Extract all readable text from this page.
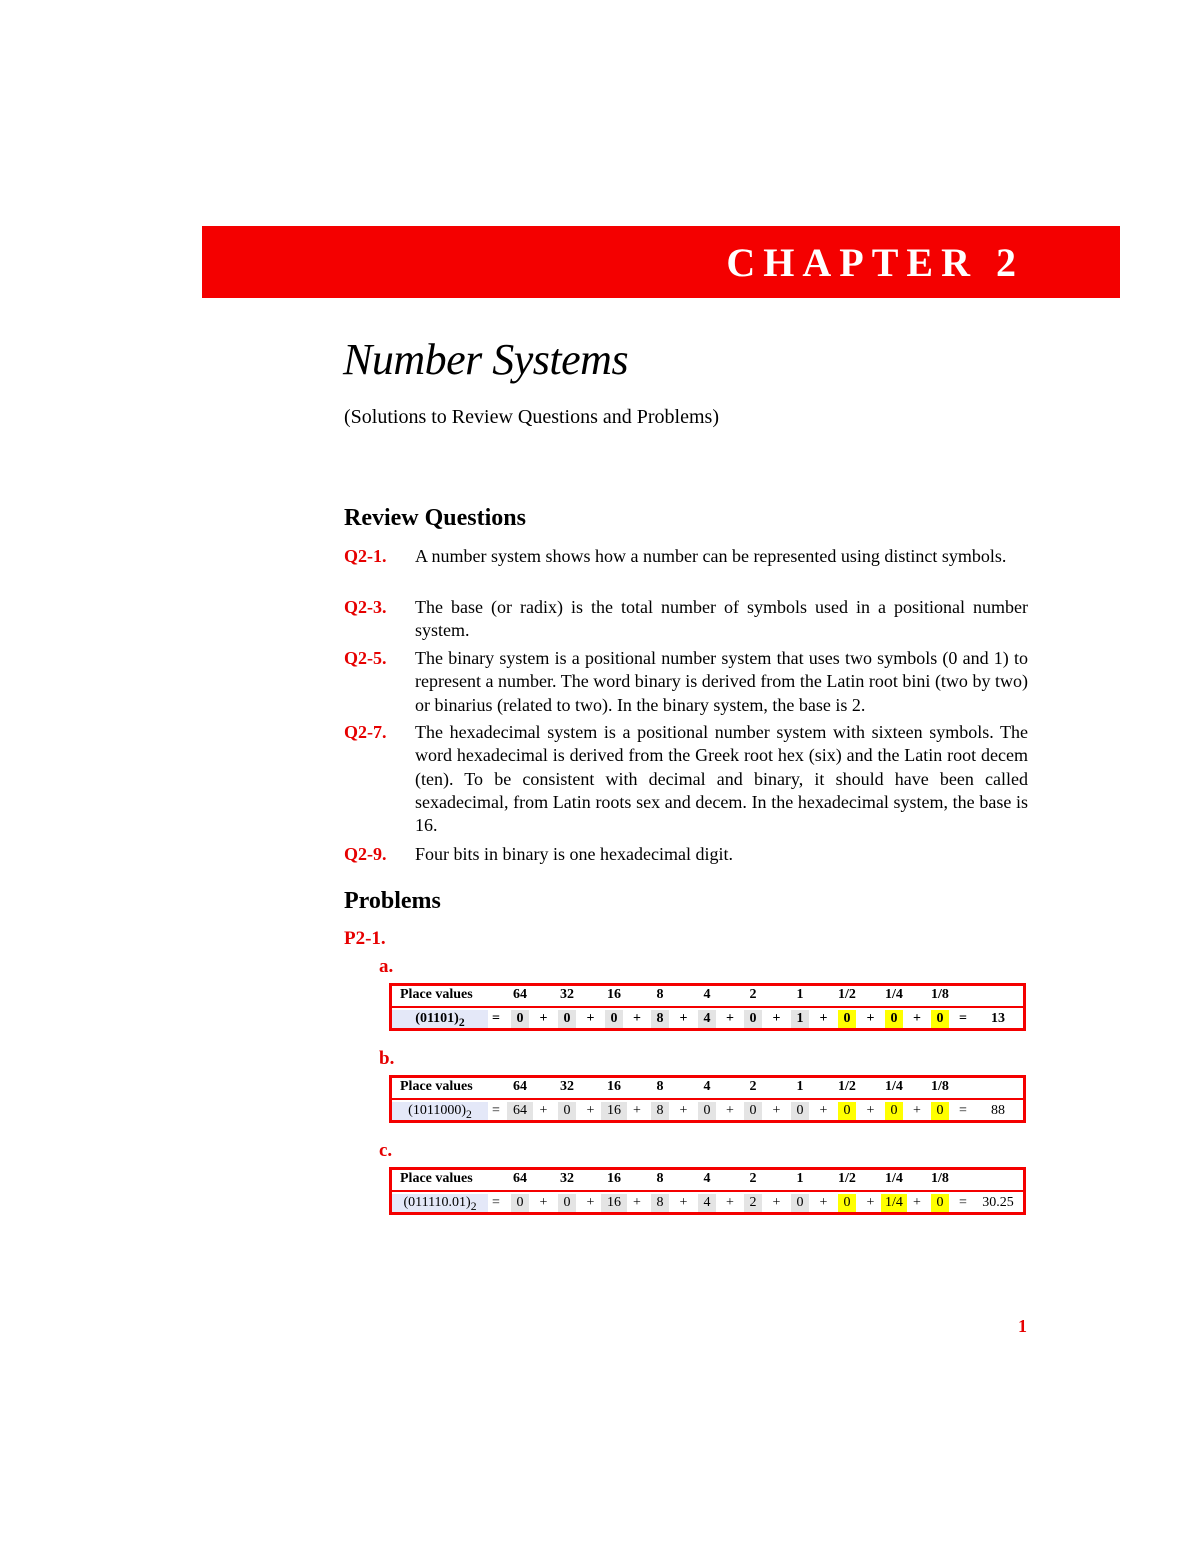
CHAPTER 2
Number Systems
(Solutions to Review Questions and Problems)
Review Questions
Q2-1. A number system shows how a number can be represented using distinct symbols.
Q2-3. The base (or radix) is the total number of symbols used in a positional number system.
Q2-5. The binary system is a positional number system that uses two symbols (0 and 1) to represent a number. The word binary is derived from the Latin root bini (two by two) or binarius (related to two). In the binary system, the base is 2.
Q2-7. The hexadecimal system is a positional number system with sixteen symbols. The word hexadecimal is derived from the Greek root hex (six) and the Latin root decem (ten). To be consistent with decimal and binary, it should have been called sexadecimal, from Latin roots sex and decem. In the hexadecimal system, the base is 16.
Q2-9. Four bits in binary is one hexadecimal digit.
Problems
P2-1.
a.
Place values	64	32	16	8	4	2	1	1/2	1/4	1/8
$(01101)_2$	=	0	+	0	+	0	+	8	+	4	+	0	+	1	+	0	+	0	+	0	=	13
b.
Place values	64	32	16	8	4	2	1	1/2	1/4	1/8
$(1011000)_2$	= 64 +	0	+ 16 +	8	+	0	+	0	+	0	+	0	+	0	+	0	=	88
c.
Place values	64	32	16	8	4	2	1	1/2	1/4	1/8
$(011110.01)_2$	=	0	+	0	+ 16 +	8	+	4	+	2	+	0	+	0	+ 1/4 +	0	=	30.25
1
